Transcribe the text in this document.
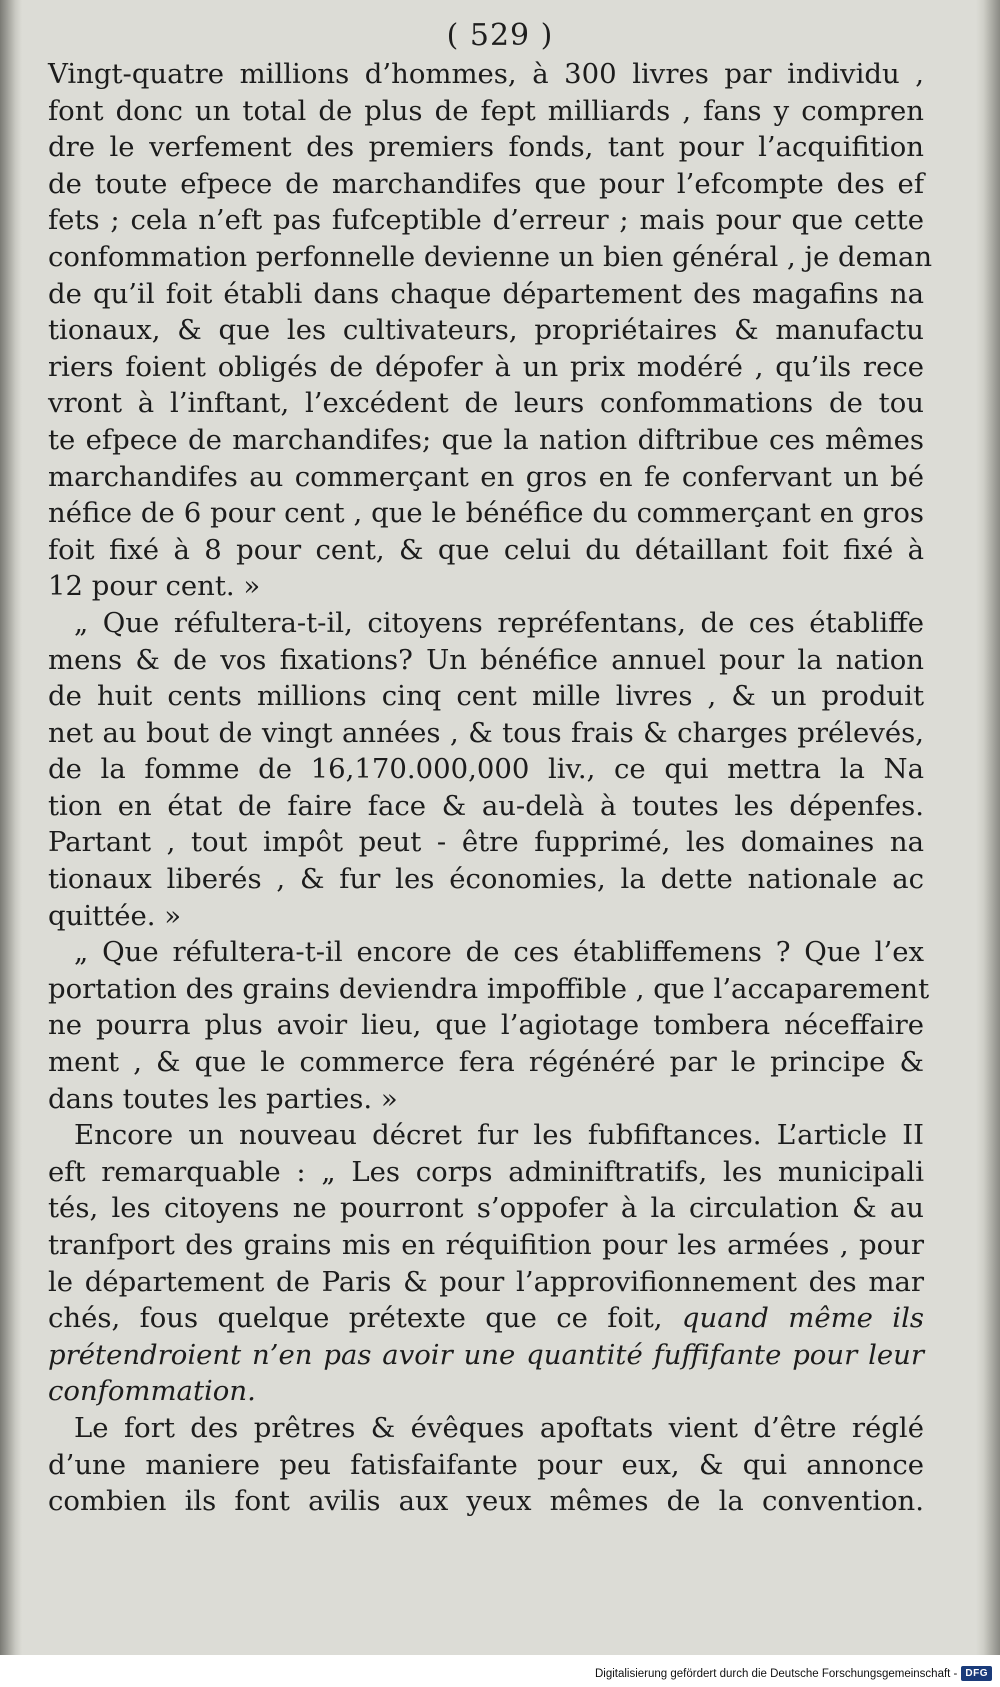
( 529 )
Vingt-quatre millions d’hommes, à 300 livres par individu ,
font donc un total de plus de fept milliards , fans y compren
dre le verfement des premiers fonds, tant pour l’acquifition
de toute efpece de marchandifes que pour l’efcompte des ef
fets ; cela n’eft pas fufceptible d’erreur ; mais pour que cette
confommation perfonnelle devienne un bien général , je deman
de qu’il foit établi dans chaque département des magafins na
tionaux, & que les cultivateurs, propriétaires & manufactu
riers foient obligés de dépofer à un prix modéré , qu’ils rece
vront à l’inftant, l’excédent de leurs confommations de tou
te efpece de marchandifes; que la nation diftribue ces mêmes
marchandifes au commerçant en gros en fe confervant un bé
néfice de 6 pour cent , que le bénéfice du commerçant en gros
foit fixé à 8 pour cent, & que celui du détaillant foit fixé à
12 pour cent. »
„ Que réfultera-t-il, citoyens repréfentans, de ces établiffe
mens & de vos fixations? Un bénéfice annuel pour la nation
de huit cents millions cinq cent mille livres , & un produit
net au bout de vingt années , & tous frais & charges prélevés,
de la fomme de 16,170.000,000 liv., ce qui mettra la Na
tion en état de faire face & au-delà à toutes les dépenfes.
Partant , tout impôt peut - être fupprimé, les domaines na
tionaux liberés , & fur les économies, la dette nationale ac
quittée. »
„ Que réfultera-t-il encore de ces établiffemens ? Que l’ex
portation des grains deviendra impoffible , que l’accaparement
ne pourra plus avoir lieu, que l’agiotage tombera néceffaire
ment , & que le commerce fera régénéré par le principe &
dans toutes les parties. »
Encore un nouveau décret fur les fubfiftances. L’article II
eft remarquable : „ Les corps adminiftratifs, les municipali
tés, les citoyens ne pourront s’oppofer à la circulation & au
tranfport des grains mis en réquifition pour les armées , pour
le département de Paris & pour l’approvifionnement des mar
chés, fous quelque prétexte que ce foit, quand même ils
prétendroient n’en pas avoir une quantité fuffifante pour leur
confommation.
Le fort des prêtres & évêques apoftats vient d’être réglé
d’une maniere peu fatisfaifante pour eux, & qui annonce
combien ils font avilis aux yeux mêmes de la convention.
Digitalisierung gefördert durch die Deutsche Forschungsgemeinschaft - DFG
